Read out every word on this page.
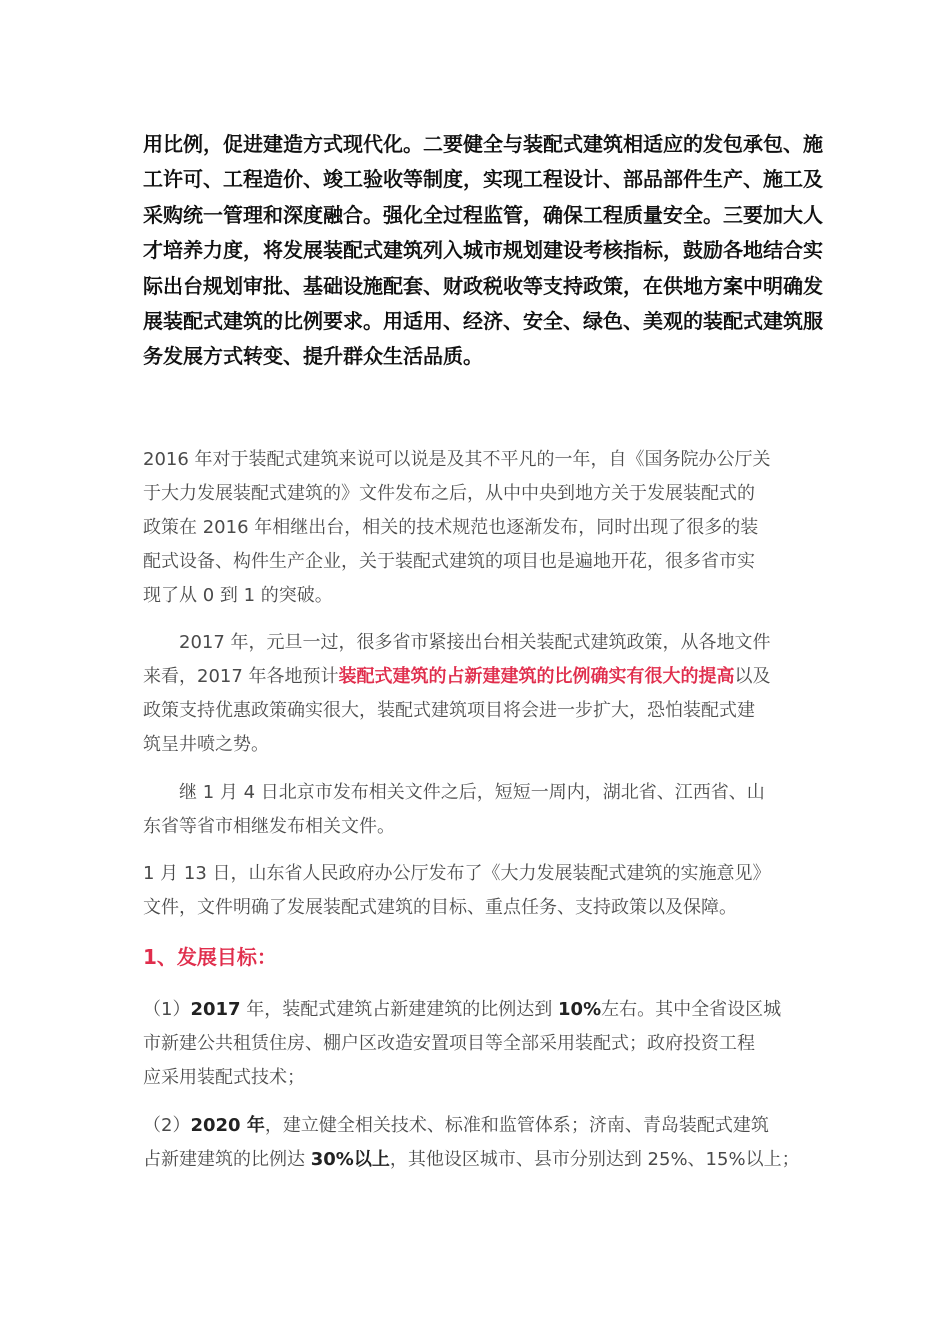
用比例，促进建造方式现代化。二要健全与装配式建筑相适应的发包承包、施
工许可、工程造价、竣工验收等制度，实现工程设计、部品部件生产、施工及
采购统一管理和深度融合。强化全过程监管，确保工程质量安全。三要加大人
才培养力度，将发展装配式建筑列入城市规划建设考核指标，鼓励各地结合实
际出台规划审批、基础设施配套、财政税收等支持政策，在供地方案中明确发
展装配式建筑的比例要求。用适用、经济、安全、绿色、美观的装配式建筑服
务发展方式转变、提升群众生活品质。
2016 年对于装配式建筑来说可以说是及其不平凡的一年，自《国务院办公厅关
于大力发展装配式建筑的》文件发布之后，从中中央到地方关于发展装配式的
政策在 2016 年相继出台，相关的技术规范也逐渐发布，同时出现了很多的装
配式设备、构件生产企业，关于装配式建筑的项目也是遍地开花，很多省市实
现了从 0 到 1 的突破。
2017 年，元旦一过，很多省市紧接出台相关装配式建筑政策，从各地文件
来看，2017 年各地预计装配式建筑的占新建建筑的比例确实有很大的提高以及
政策支持优惠政策确实很大，装配式建筑项目将会进一步扩大，恐怕装配式建
筑呈井喷之势。
继 1 月 4 日北京市发布相关文件之后，短短一周内，湖北省、江西省、山
东省等省市相继发布相关文件。
1 月 13 日，山东省人民政府办公厅发布了《大力发展装配式建筑的实施意见》
文件，文件明确了发展装配式建筑的目标、重点任务、支持政策以及保障。
1、发展目标：
（1）2017 年，装配式建筑占新建建筑的比例达到 10%左右。其中全省设区城
市新建公共租赁住房、棚户区改造安置项目等全部采用装配式；政府投资工程
应采用装配式技术；
（2）2020 年，建立健全相关技术、标准和监管体系；济南、青岛装配式建筑
占新建建筑的比例达 30%以上，其他设区城市、县市分别达到 25%、15%以上；
